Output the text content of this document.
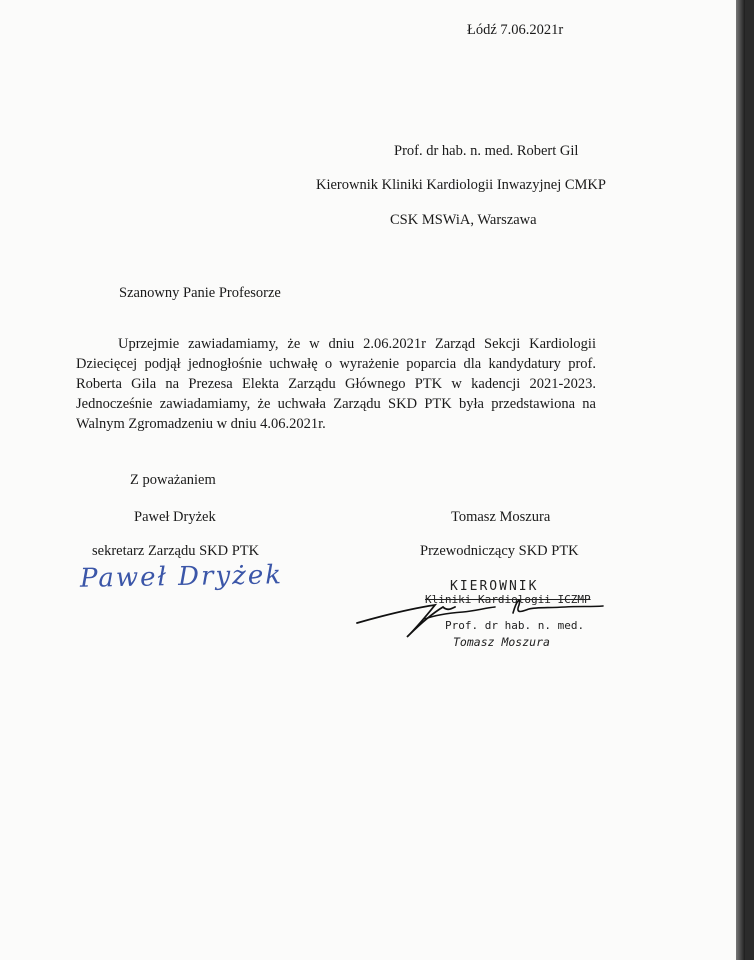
Łódź 7.06.2021r
Prof. dr hab. n. med. Robert Gil
Kierownik Kliniki Kardiologii Inwazyjnej CMKP
CSK MSWiA, Warszawa
Szanowny Panie Profesorze

Uprzejmie zawiadamiamy, że w dniu 2.06.2021r Zarząd Sekcji Kardiologii Dziecięcej podjął jednogłośnie uchwałę o wyrażenie poparcia dla kandydatury prof. Roberta Gila na Prezesa Elekta Zarządu Głównego PTK w kadencji 2021-2023. Jednocześnie zawiadamiamy, że uchwała Zarządu SKD PTK była przedstawiona na Walnym Zgromadzeniu w dniu 4.06.2021r.

Z poważaniem
Paweł Dryżek
sekretarz Zarządu SKD PTK
Tomasz Moszura
Przewodniczący SKD PTK
Paweł Dryżek	KIEROWNIK
Kliniki Kardiologii ICZMP
Prof. dr hab. n. med.
Tomasz Moszura
